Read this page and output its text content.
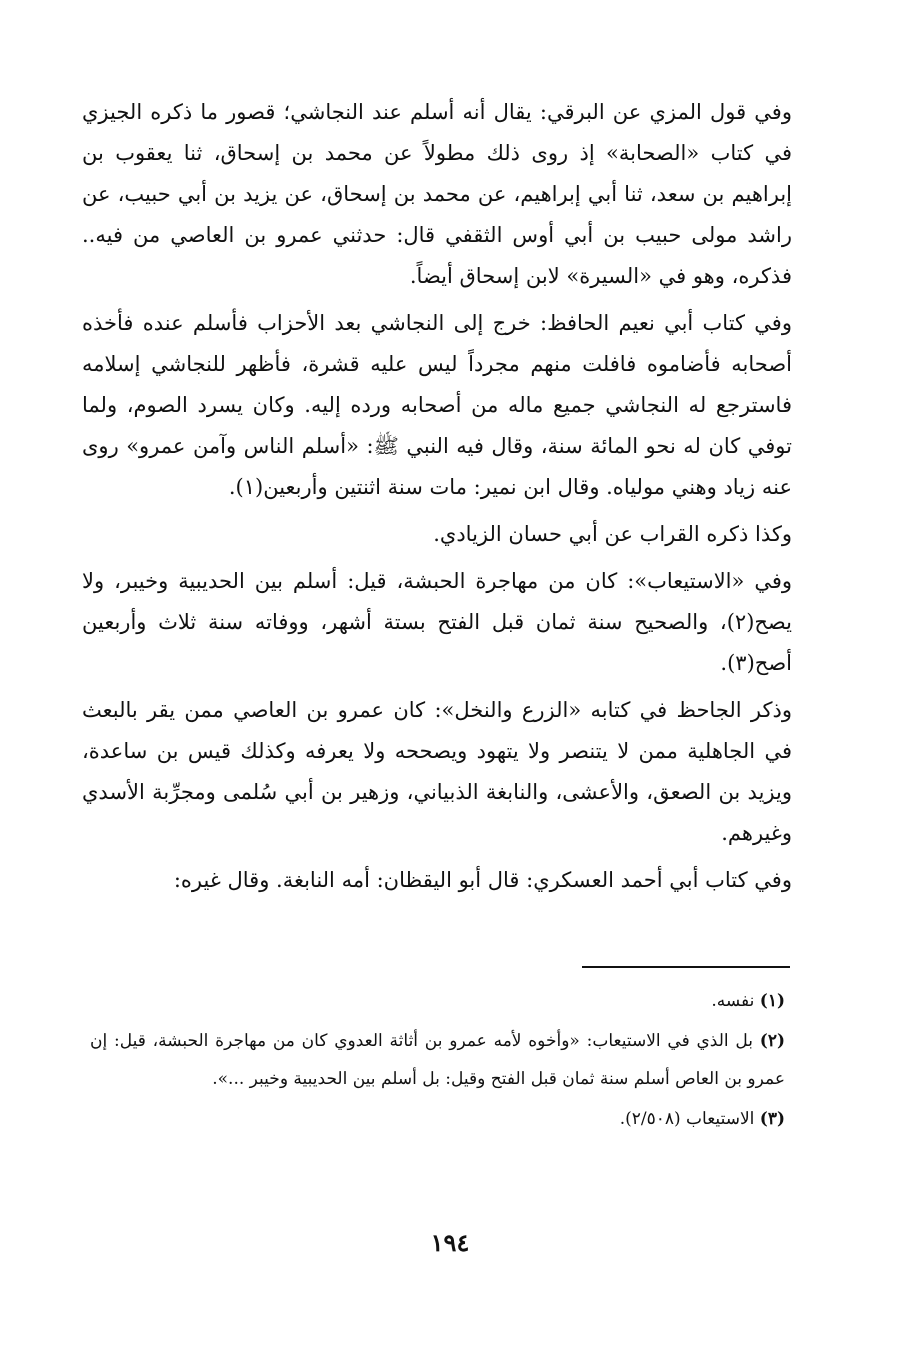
وفي قول المزي عن البرقي: يقال أنه أسلم عند النجاشي؛ قصور ما ذكره الجيزي في كتاب «الصحابة» إذ روى ذلك مطولاً عن محمد بن إسحاق، ثنا يعقوب بن إبراهيم بن سعد، ثنا أبي إبراهيم، عن محمد بن إسحاق، عن يزيد بن أبي حبيب، عن راشد مولى حبيب بن أبي أوس الثقفي قال: حدثني عمرو بن العاصي من فيه.. فذكره، وهو في «السيرة» لابن إسحاق أيضاً.

وفي كتاب أبي نعيم الحافظ: خرج إلى النجاشي بعد الأحزاب فأسلم عنده فأخذه أصحابه فأضاموه فافلت منهم مجرداً ليس عليه قشرة، فأظهر للنجاشي إسلامه فاسترجع له النجاشي جميع ماله من أصحابه ورده إليه. وكان يسرد الصوم، ولما توفي كان له نحو المائة سنة، وقال فيه النبي ﷺ: «أسلم الناس وآمن عمرو» روى عنه زياد وهني مولياه. وقال ابن نمير: مات سنة اثنتين وأربعين(١).

وكذا ذكره القراب عن أبي حسان الزيادي.

وفي «الاستيعاب»: كان من مهاجرة الحبشة، قيل: أسلم بين الحديبية وخيبر، ولا يصح(٢)، والصحيح سنة ثمان قبل الفتح بستة أشهر، ووفاته سنة ثلاث وأربعين أصح(٣).

وذكر الجاحظ في كتابه «الزرع والنخل»: كان عمرو بن العاصي ممن يقر بالبعث في الجاهلية ممن لا يتنصر ولا يتهود ويصححه ولا يعرفه وكذلك قيس بن ساعدة، ويزيد بن الصعق، والأعشى، والنابغة الذبياني، وزهير بن أبي سُلمى ومجرِّبة الأسدي وغيرهم.

وفي كتاب أبي أحمد العسكري: قال أبو اليقظان: أمه النابغة. وقال غيره:

(١) نفسه.

(٢) بل الذي في الاستيعاب: «وأخوه لأمه عمرو بن أثاثة العدوي كان من مهاجرة الحبشة، قيل: إن عمرو بن العاص أسلم سنة ثمان قبل الفتح وقيل: بل أسلم بين الحديبية وخيبر ...».

(٣) الاستيعاب (٢/٥٠٨).

١٩٤
